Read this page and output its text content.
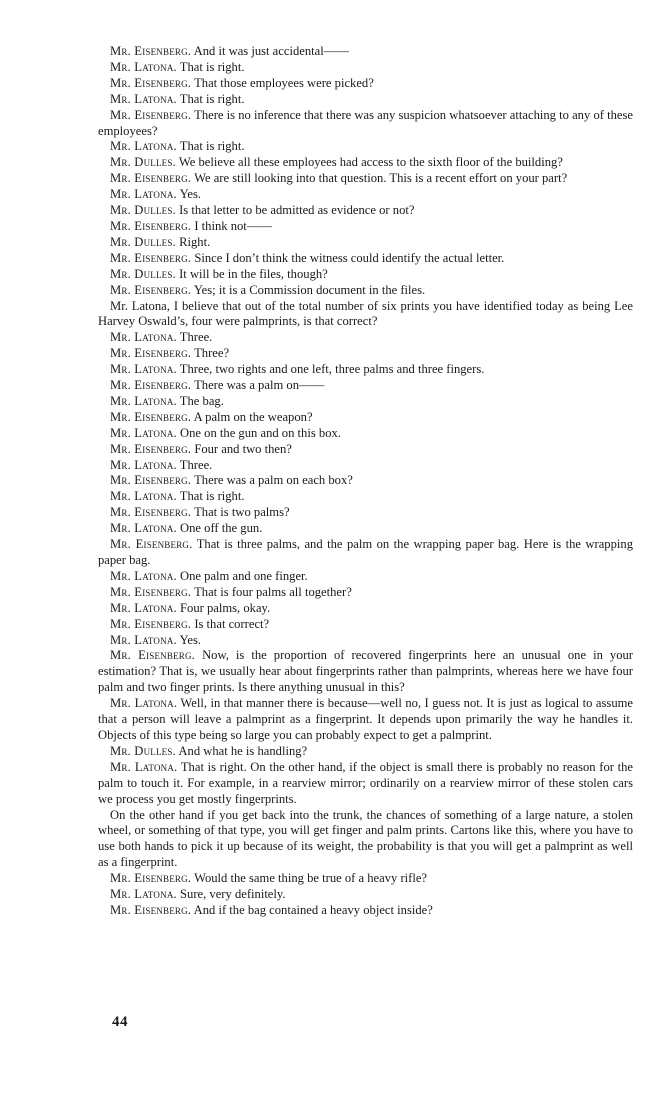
Mr. Eisenberg. And it was just accidental——

Mr. Latona. That is right.

Mr. Eisenberg. That those employees were picked?

Mr. Latona. That is right.

Mr. Eisenberg. There is no inference that there was any suspicion whatsoever attaching to any of these employees?

Mr. Latona. That is right.

Mr. Dulles. We believe all these employees had access to the sixth floor of the building?

Mr. Eisenberg. We are still looking into that question. This is a recent effort on your part?

Mr. Latona. Yes.

Mr. Dulles. Is that letter to be admitted as evidence or not?

Mr. Eisenberg. I think not——

Mr. Dulles. Right.

Mr. Eisenberg. Since I don’t think the witness could identify the actual letter.

Mr. Dulles. It will be in the files, though?

Mr. Eisenberg. Yes; it is a Commission document in the files.

Mr. Latona, I believe that out of the total number of six prints you have identified today as being Lee Harvey Oswald’s, four were palmprints, is that correct?

Mr. Latona. Three.

Mr. Eisenberg. Three?

Mr. Latona. Three, two rights and one left, three palms and three fingers.

Mr. Eisenberg. There was a palm on——

Mr. Latona. The bag.

Mr. Eisenberg. A palm on the weapon?

Mr. Latona. One on the gun and on this box.

Mr. Eisenberg. Four and two then?

Mr. Latona. Three.

Mr. Eisenberg. There was a palm on each box?

Mr. Latona. That is right.

Mr. Eisenberg. That is two palms?

Mr. Latona. One off the gun.

Mr. Eisenberg. That is three palms, and the palm on the wrapping paper bag. Here is the wrapping paper bag.

Mr. Latona. One palm and one finger.

Mr. Eisenberg. That is four palms all together?

Mr. Latona. Four palms, okay.

Mr. Eisenberg. Is that correct?

Mr. Latona. Yes.

Mr. Eisenberg. Now, is the proportion of recovered fingerprints here an unusual one in your estimation? That is, we usually hear about fingerprints rather than palmprints, whereas here we have four palm and two finger prints. Is there anything unusual in this?

Mr. Latona. Well, in that manner there is because—well no, I guess not. It is just as logical to assume that a person will leave a palmprint as a fingerprint. It depends upon primarily the way he handles it. Objects of this type being so large you can probably expect to get a palmprint.

Mr. Dulles. And what he is handling?

Mr. Latona. That is right. On the other hand, if the object is small there is probably no reason for the palm to touch it. For example, in a rearview mirror; ordinarily on a rearview mirror of these stolen cars we process you get mostly fingerprints.

On the other hand if you get back into the trunk, the chances of something of a large nature, a stolen wheel, or something of that type, you will get finger and palm prints. Cartons like this, where you have to use both hands to pick it up because of its weight, the probability is that you will get a palmprint as well as a fingerprint.

Mr. Eisenberg. Would the same thing be true of a heavy rifle?

Mr. Latona. Sure, very definitely.

Mr. Eisenberg. And if the bag contained a heavy object inside?

44
